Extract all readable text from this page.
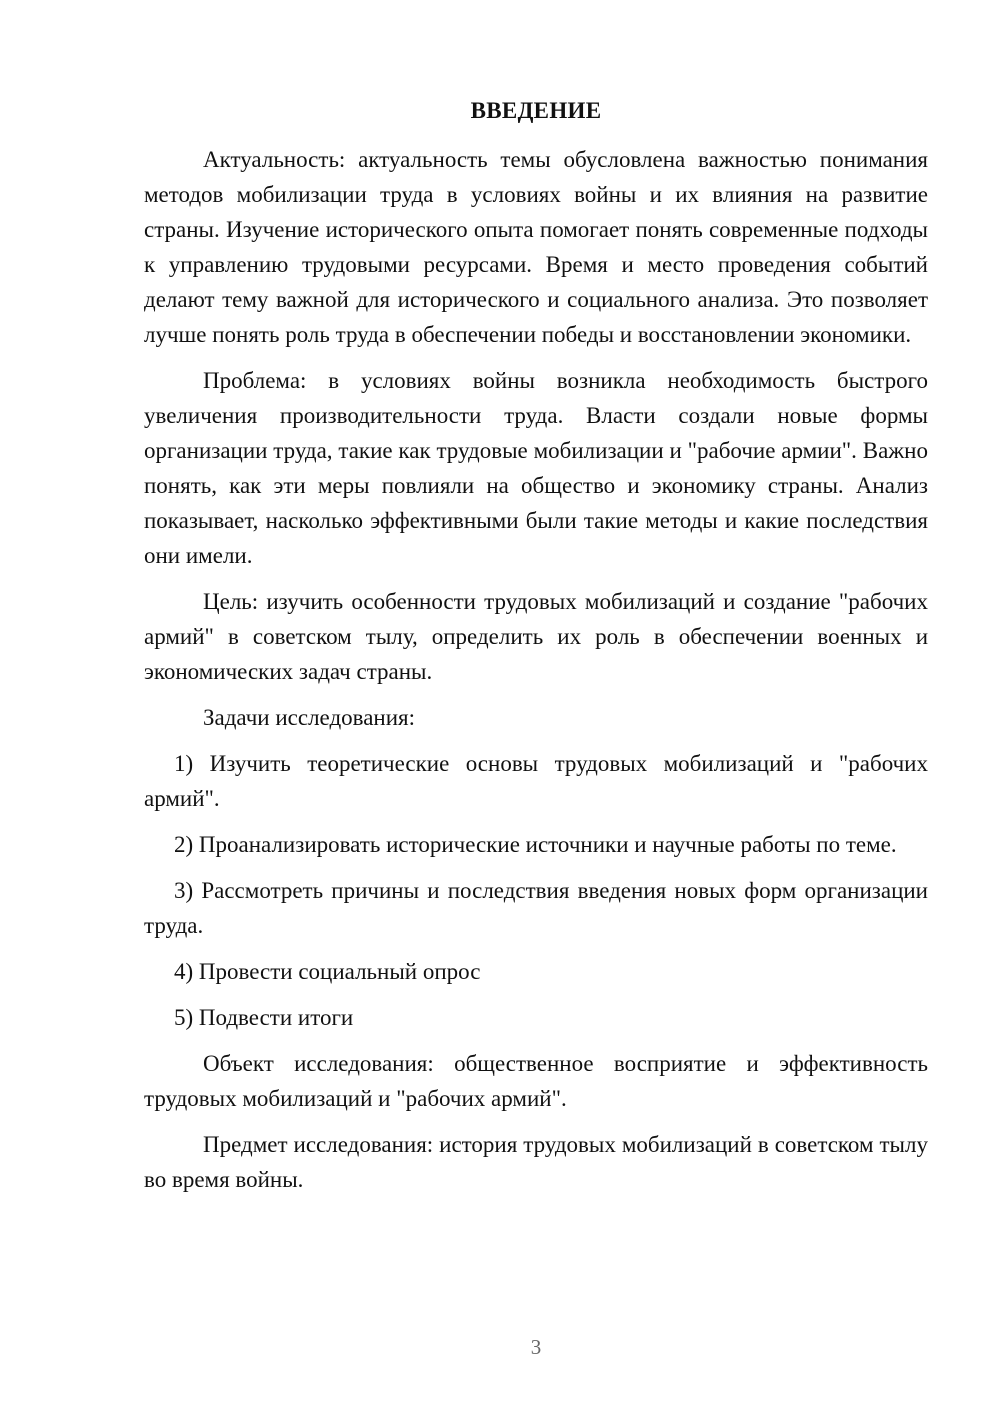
ВВЕДЕНИЕ

Актуальность: актуальность темы обусловлена важностью понимания методов мобилизации труда в условиях войны и их влияния на развитие страны. Изучение исторического опыта помогает понять современные подходы к управлению трудовыми ресурсами. Время и место проведения событий делают тему важной для исторического и социального анализа. Это позволяет лучше понять роль труда в обеспечении победы и восстановлении экономики.

Проблема: в условиях войны возникла необходимость быстрого увеличения производительности труда. Власти создали новые формы организации труда, такие как трудовые мобилизации и "рабочие армии". Важно понять, как эти меры повлияли на общество и экономику страны. Анализ показывает, насколько эффективными были такие методы и какие последствия они имели.

Цель: изучить особенности трудовых мобилизаций и создание "рабочих армий" в советском тылу, определить их роль в обеспечении военных и экономических задач страны.

Задачи исследования:

1) Изучить теоретические основы трудовых мобилизаций и "рабочих армий".

2) Проанализировать исторические источники и научные работы по теме.

3) Рассмотреть причины и последствия введения новых форм организации труда.

4) Провести социальный опрос

5) Подвести итоги

Объект исследования: общественное восприятие и эффективность трудовых мобилизаций и "рабочих армий".

Предмет исследования: история трудовых мобилизаций в советском тылу во время войны.

3
